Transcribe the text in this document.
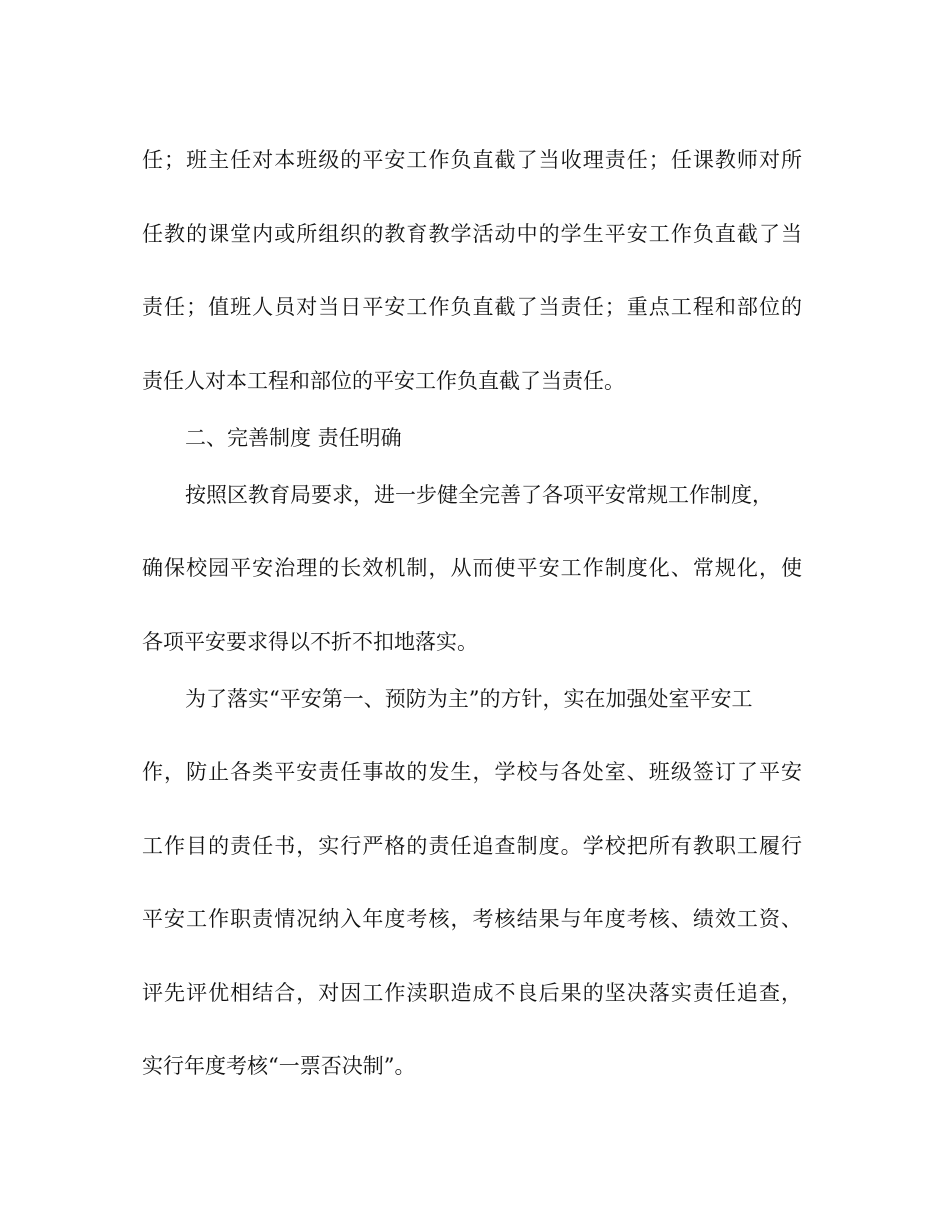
任；班主任对本班级的平安工作负直截了当收理责任；任课教师对所
任教的课堂内或所组织的教育教学活动中的学生平安工作负直截了当
责任；值班人员对当日平安工作负直截了当责任；重点工程和部位的
责任人对本工程和部位的平安工作负直截了当责任。
二、完善制度 责任明确
按照区教育局要求，进一步健全完善了各项平安常规工作制度，
确保校园平安治理的长效机制，从而使平安工作制度化、常规化，使
各项平安要求得以不折不扣地落实。
为了落实“平安第一、预防为主”的方针，实在加强处室平安工
作，防止各类平安责任事故的发生，学校与各处室、班级签订了平安
工作目的责任书，实行严格的责任追查制度。学校把所有教职工履行
平安工作职责情况纳入年度考核，考核结果与年度考核、绩效工资、
评先评优相结合，对因工作渎职造成不良后果的坚决落实责任追查，
实行年度考核“一票否决制”。
